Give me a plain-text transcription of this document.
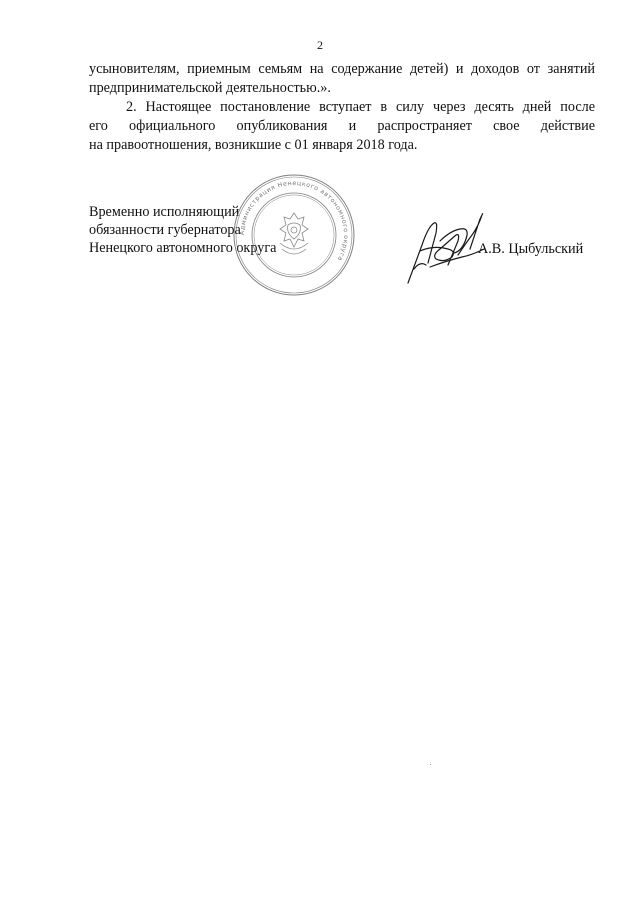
2

усыновителям, приемным семьям на содержание детей) и доходов от занятий
предпринимательской деятельностью.».

2. Настоящее постановление вступает в силу через десять дней после
его официального опубликования и распространяет свое действие
на правоотношения, возникшие с 01 января 2018 года.

Временно исполняющий
обязанности губернатора
Ненецкого автономного округа
Администрация Ненецкого автономного округа
А.В. Цыбульский
